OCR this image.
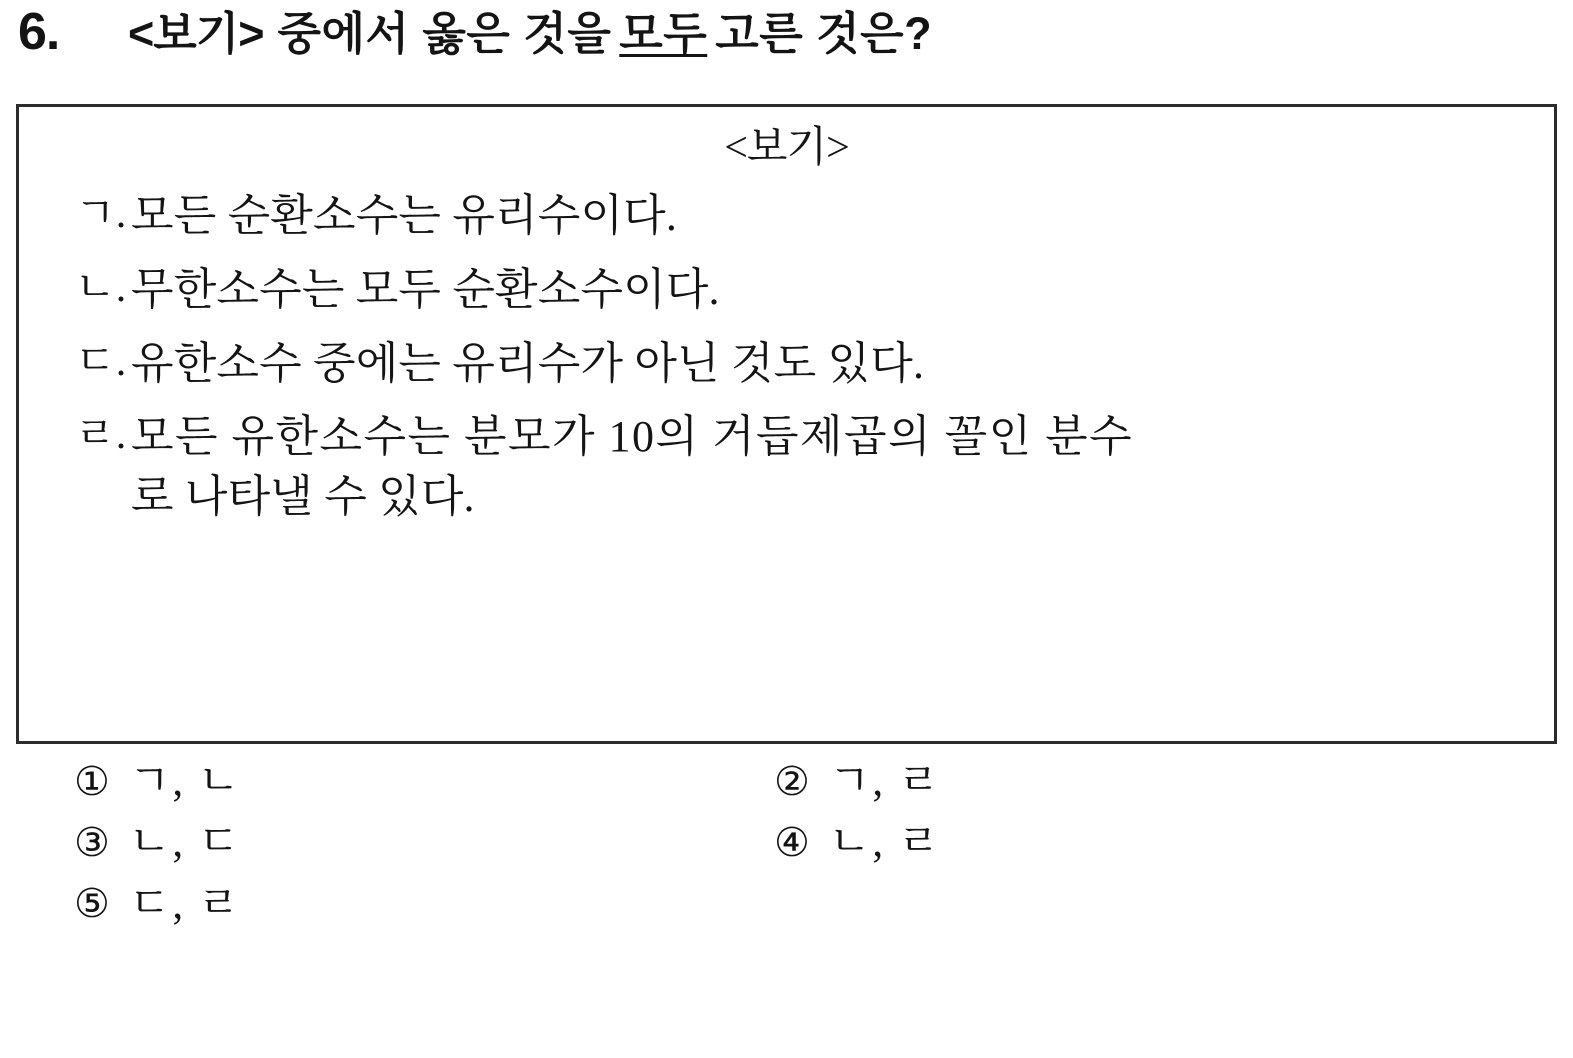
6.	<보기> 중에서 옳은 것을 모두 고른 것은?
<보기>
ㄱ. 모든 순환소수는 유리수이다.
ㄴ. 무한소수는 모두 순환소수이다.
ㄷ. 유한소수 중에는 유리수가 아닌 것도 있다.
ㄹ. 모든 유한소수는 분모가 10의 거듭제곱의 꼴인 분수
로 나타낼 수 있다.
① ㄱ, ㄴ	② ㄱ, ㄹ
③ ㄴ, ㄷ	④ ㄴ, ㄹ
⑤ ㄷ, ㄹ
